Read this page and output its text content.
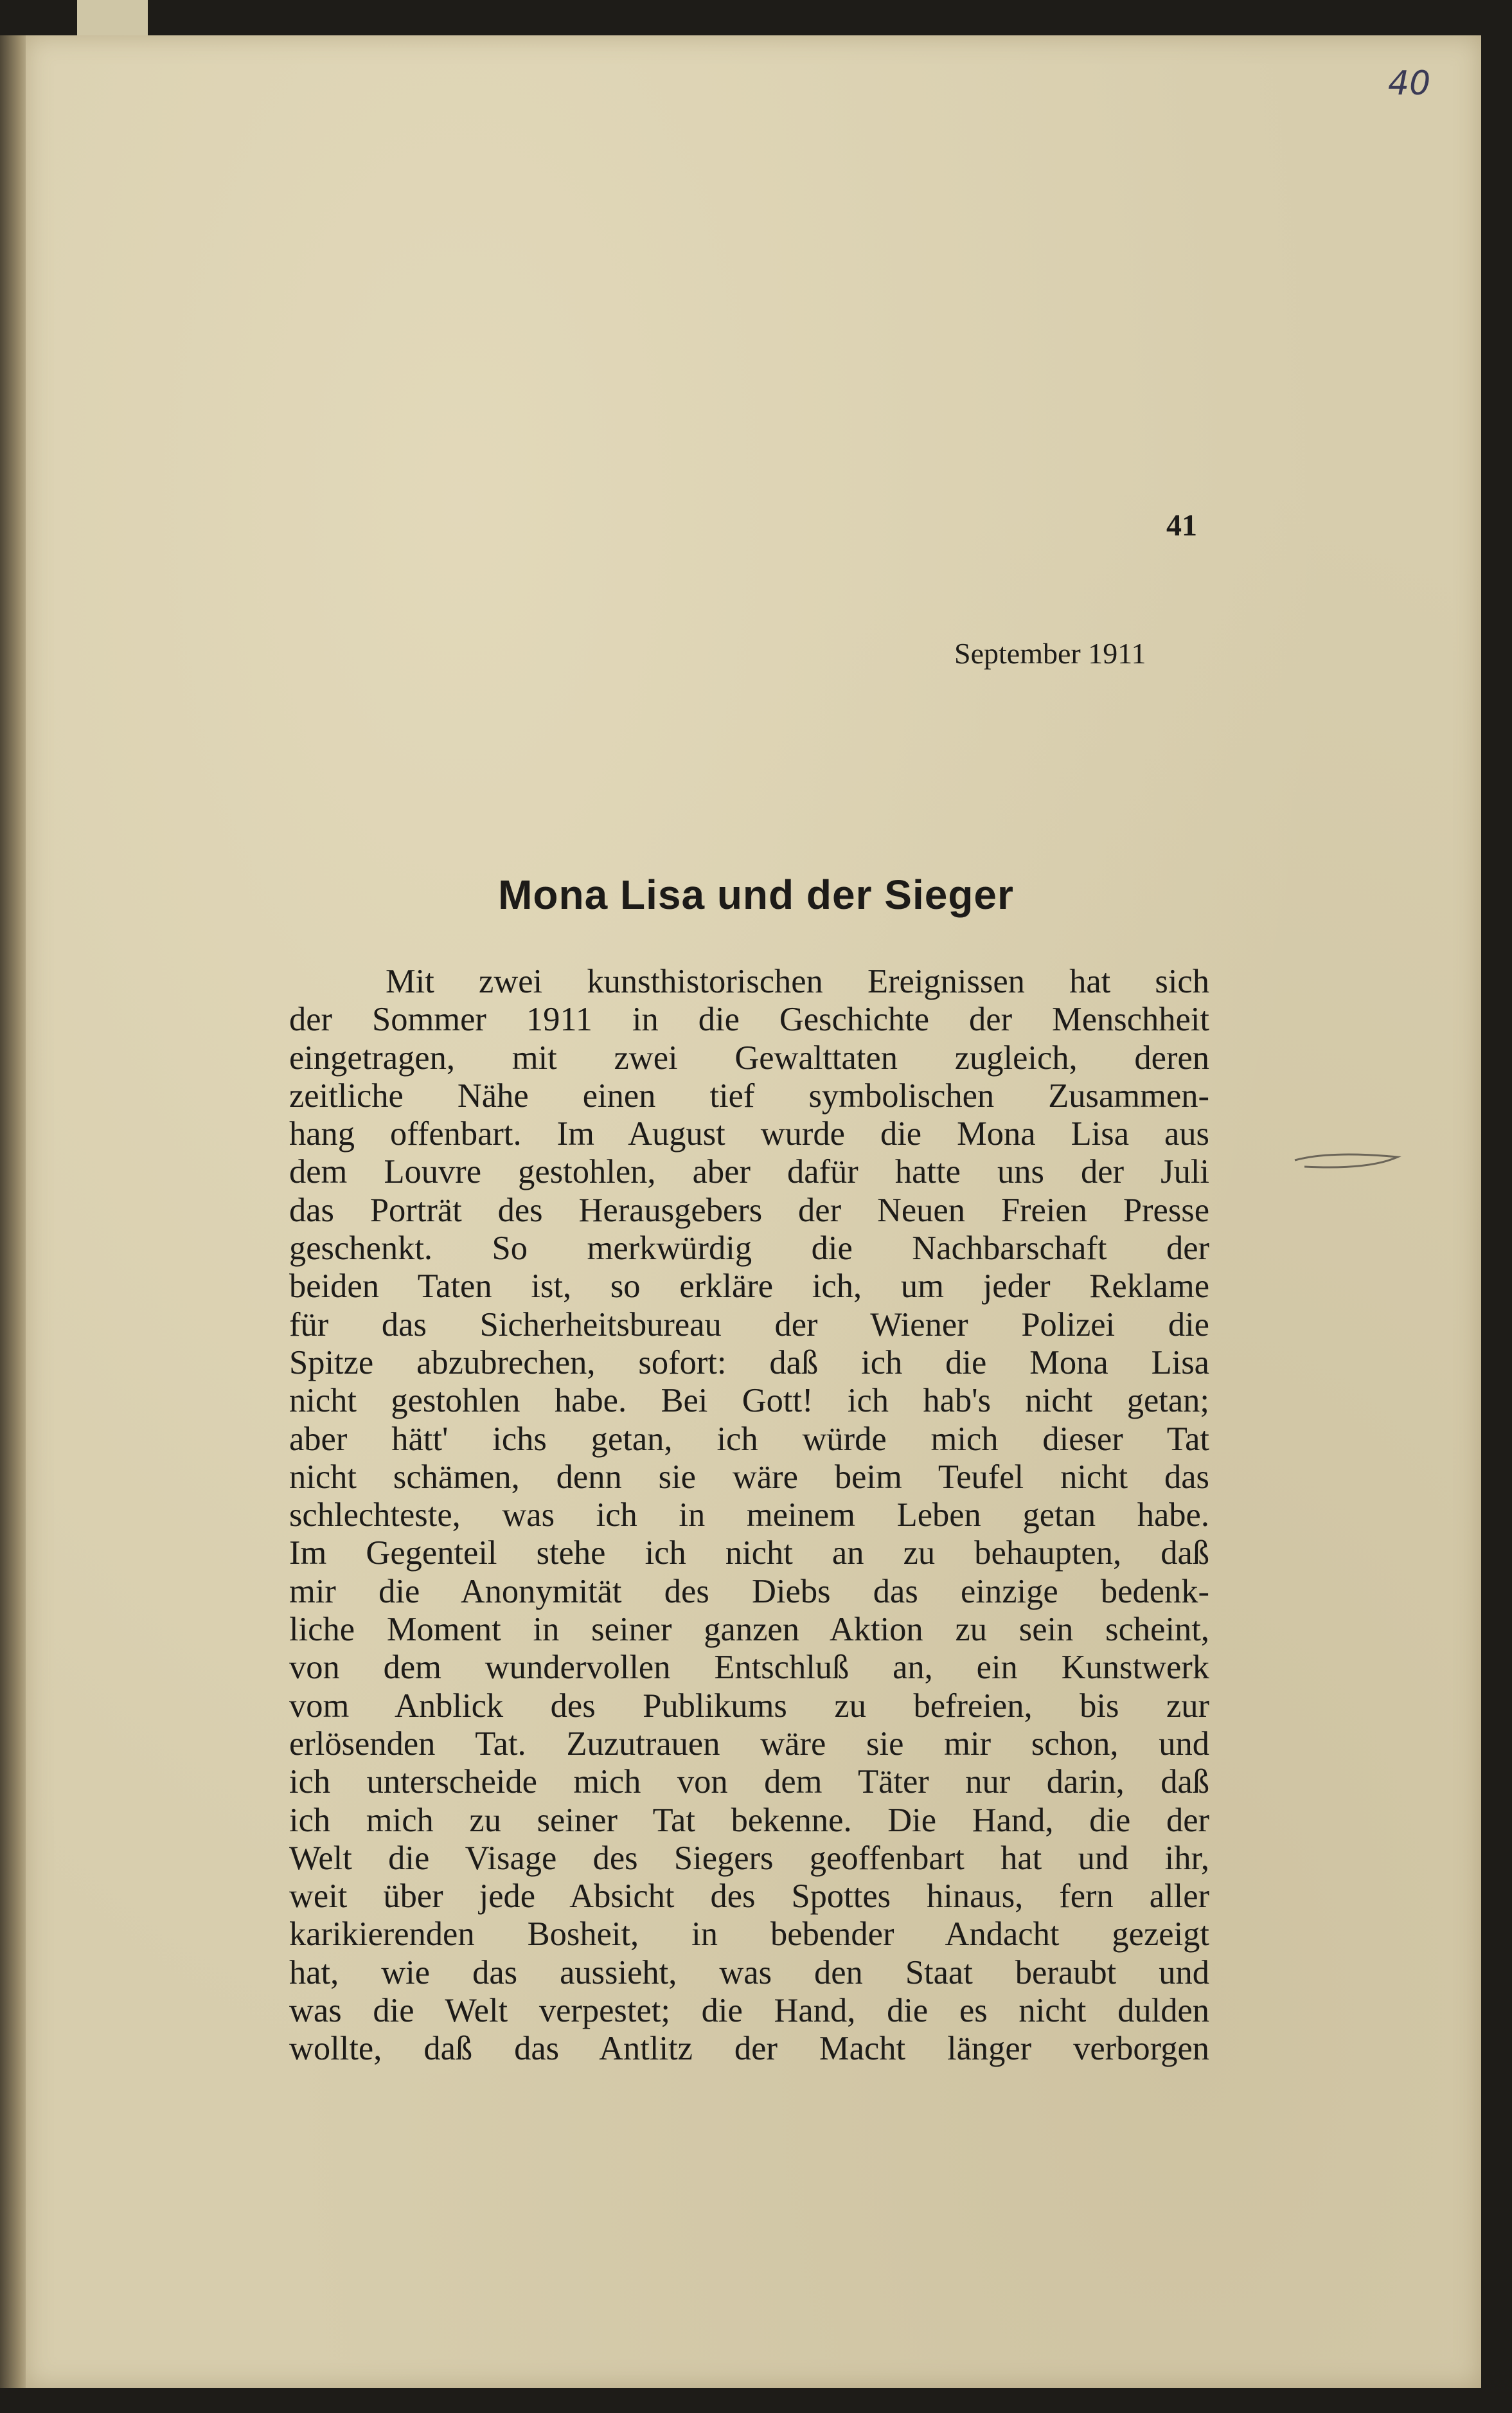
40
41
September 1911
Mona Lisa und der Sieger
Mit zwei kunsthistorischen Ereignissen hat sich
der Sommer 1911 in die Geschichte der Menschheit
eingetragen, mit zwei Gewalttaten zugleich, deren
zeitliche Nähe einen tief symbolischen Zusammen-
hang offenbart. Im August wurde die Mona Lisa aus
dem Louvre gestohlen, aber dafür hatte uns der Juli
das Porträt des Herausgebers der Neuen Freien Presse
geschenkt. So merkwürdig die Nachbarschaft der
beiden Taten ist, so erkläre ich, um jeder Reklame
für das Sicherheitsbureau der Wiener Polizei die
Spitze abzubrechen, sofort: daß ich die Mona Lisa
nicht gestohlen habe. Bei Gott! ich hab's nicht getan;
aber hätt' ichs getan, ich würde mich dieser Tat
nicht schämen, denn sie wäre beim Teufel nicht das
schlechteste, was ich in meinem Leben getan habe.
Im Gegenteil stehe ich nicht an zu behaupten, daß
mir die Anonymität des Diebs das einzige bedenk-
liche Moment in seiner ganzen Aktion zu sein scheint,
von dem wundervollen Entschluß an, ein Kunstwerk
vom Anblick des Publikums zu befreien, bis zur
erlösenden Tat. Zuzutrauen wäre sie mir schon, und
ich unterscheide mich von dem Täter nur darin, daß
ich mich zu seiner Tat bekenne. Die Hand, die der
Welt die Visage des Siegers geoffenbart hat und ihr,
weit über jede Absicht des Spottes hinaus, fern aller
karikierenden Bosheit, in bebender Andacht gezeigt
hat, wie das aussieht, was den Staat beraubt und
was die Welt verpestet; die Hand, die es nicht dulden
wollte, daß das Antlitz der Macht länger verborgen
